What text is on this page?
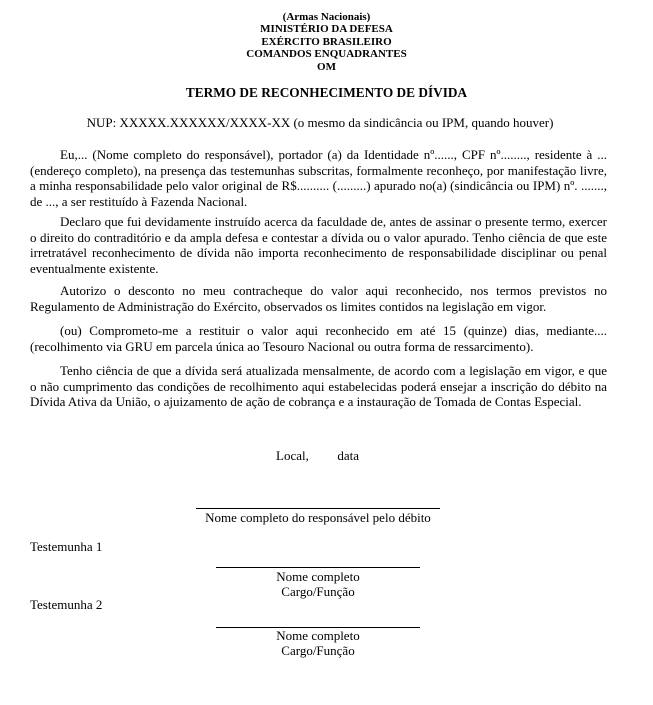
(Armas Nacionais)
MINISTÉRIO DA DEFESA
EXÉRCITO BRASILEIRO
COMANDOS ENQUADRANTES
OM
TERMO DE RECONHECIMENTO DE DÍVIDA
NUP: XXXXX.XXXXXX/XXXX-XX (o mesmo da sindicância ou IPM, quando houver)

Eu,... (Nome completo do responsável), portador (a) da Identidade nº......, CPF nº........, residente à ... (endereço completo), na presença das testemunhas subscritas, formalmente reconheço, por manifestação livre, a minha responsabilidade pelo valor original de R$.......... (.........) apurado no(a) (sindicância ou IPM) nº. ......., de ..., a ser restituído à Fazenda Nacional.

Declaro que fui devidamente instruído acerca da faculdade de, antes de assinar o presente termo, exercer o direito do contraditório e da ampla defesa e contestar a dívida ou o valor apurado. Tenho ciência de que este irretratável reconhecimento de dívida não importa reconhecimento de responsabilidade disciplinar ou penal eventualmente existente.

Autorizo o desconto no meu contracheque do valor aqui reconhecido, nos termos previstos no Regulamento de Administração do Exército, observados os limites contidos na legislação em vigor.

(ou) Comprometo-me a restituir o valor aqui reconhecido em até 15 (quinze) dias, mediante.... (recolhimento via GRU em parcela única ao Tesouro Nacional ou outra forma de ressarcimento).

Tenho ciência de que a dívida será atualizada mensalmente, de acordo com a legislação em vigor, e que o não cumprimento das condições de recolhimento aqui estabelecidas poderá ensejar a inscrição do débito na Dívida Ativa da União, o ajuizamento de ação de cobrança e a instauração de Tomada de Contas Especial.

Local, data
Nome completo do responsável pelo débito
Testemunha 1
Nome completo
Cargo/Função
Testemunha 2
Nome completo
Cargo/Função
